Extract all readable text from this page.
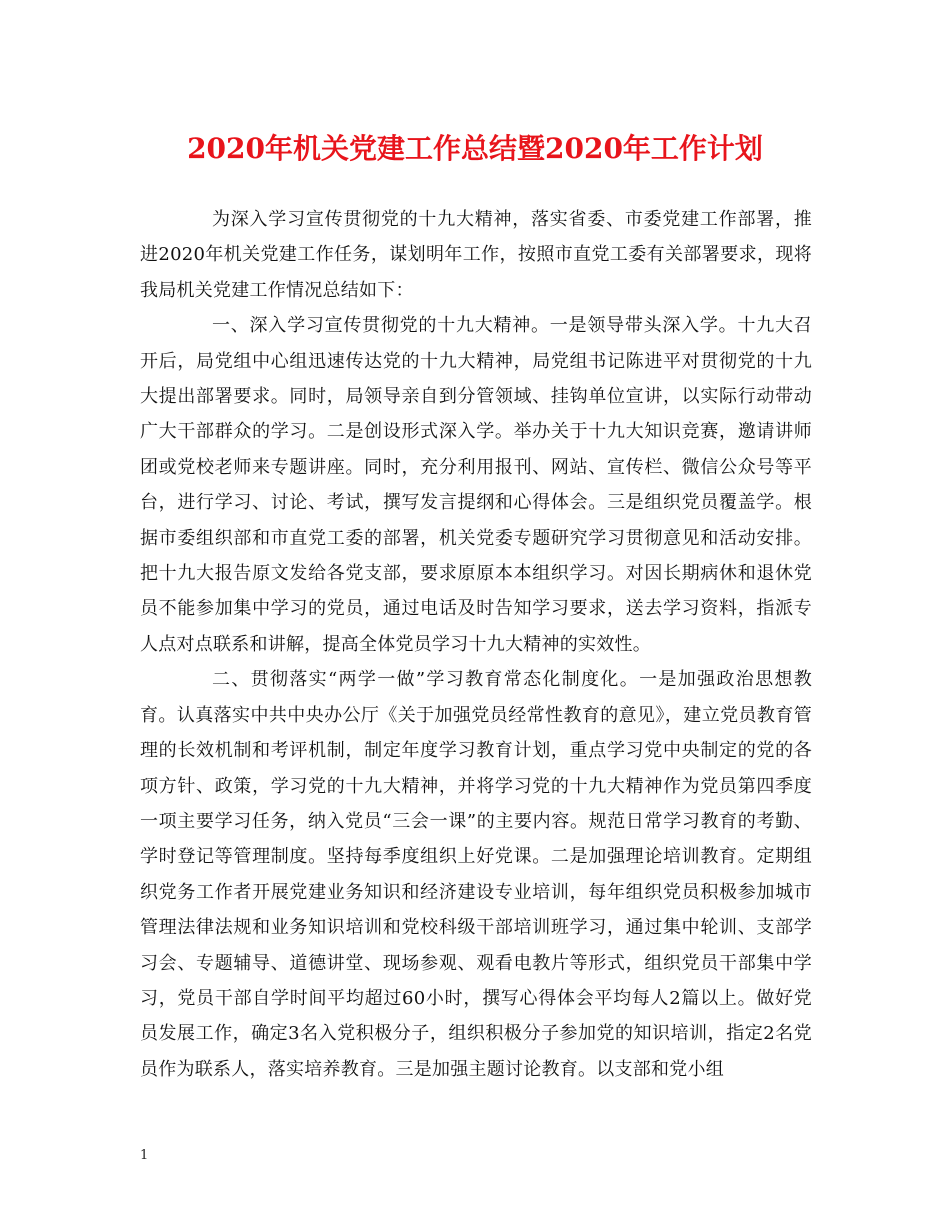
2020年机关党建工作总结暨2020年工作计划

为深入学习宣传贯彻党的十九大精神，落实省委、市委党建工作部署，推进2020年机关党建工作任务，谋划明年工作，按照市直党工委有关部署要求，现将我局机关党建工作情况总结如下：

一、深入学习宣传贯彻党的十九大精神。一是领导带头深入学。十九大召开后，局党组中心组迅速传达党的十九大精神，局党组书记陈进平对贯彻党的十九大提出部署要求。同时，局领导亲自到分管领域、挂钩单位宣讲，以实际行动带动广大干部群众的学习。二是创设形式深入学。举办关于十九大知识竞赛，邀请讲师团或党校老师来专题讲座。同时，充分利用报刊、网站、宣传栏、微信公众号等平台，进行学习、讨论、考试，撰写发言提纲和心得体会。三是组织党员覆盖学。根据市委组织部和市直党工委的部署，机关党委专题研究学习贯彻意见和活动安排。把十九大报告原文发给各党支部，要求原原本本组织学习。对因长期病休和退休党员不能参加集中学习的党员，通过电话及时告知学习要求，送去学习资料，指派专人点对点联系和讲解，提高全体党员学习十九大精神的实效性。

二、贯彻落实“两学一做”学习教育常态化制度化。一是加强政治思想教育。认真落实中共中央办公厅《关于加强党员经常性教育的意见》，建立党员教育管理的长效机制和考评机制，制定年度学习教育计划，重点学习党中央制定的党的各项方针、政策，学习党的十九大精神，并将学习党的十九大精神作为党员第四季度一项主要学习任务，纳入党员“三会一课”的主要内容。规范日常学习教育的考勤、学时登记等管理制度。坚持每季度组织上好党课。二是加强理论培训教育。定期组织党务工作者开展党建业务知识和经济建设专业培训，每年组织党员积极参加城市管理法律法规和业务知识培训和党校科级干部培训班学习，通过集中轮训、支部学习会、专题辅导、道德讲堂、现场参观、观看电教片等形式，组织党员干部集中学习，党员干部自学时间平均超过60小时，撰写心得体会平均每人2篇以上。做好党员发展工作，确定3名入党积极分子，组织积极分子参加党的知识培训，指定2名党员作为联系人，落实培养教育。三是加强主题讨论教育。以支部和党小组

1
